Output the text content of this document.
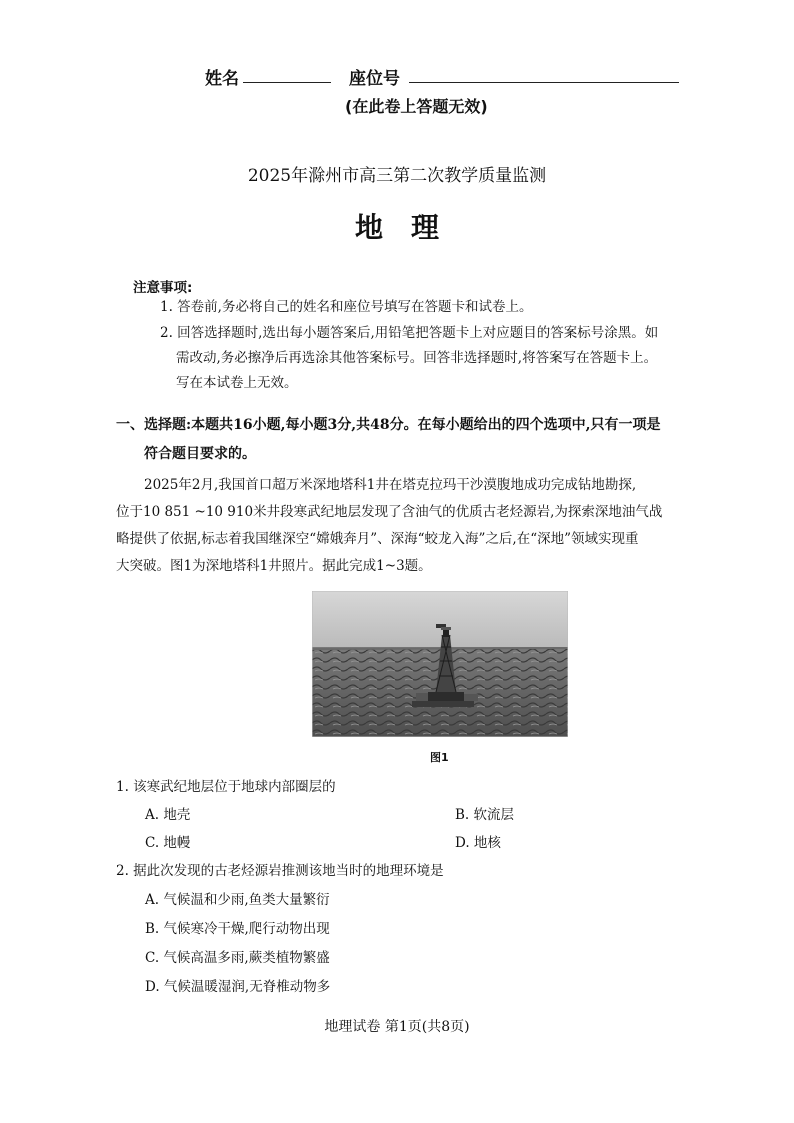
姓名	座位号
(在此卷上答题无效)
2025年滁州市高三第二次教学质量监测
地理
注意事项:
1. 答卷前,务必将自己的姓名和座位号填写在答题卡和试卷上。
2. 回答选择题时,选出每小题答案后,用铅笔把答题卡上对应题目的答案标号涂黑。如
需改动,务必擦净后再选涂其他答案标号。回答非选择题时,将答案写在答题卡上。
写在本试卷上无效。
一、选择题:本题共16小题,每小题3分,共48分。在每小题给出的四个选项中,只有一项是
符合题目要求的。
2025年2月,我国首口超万米深地塔科1井在塔克拉玛干沙漠腹地成功完成钻地勘探,
位于10 851 ~10 910米井段寒武纪地层发现了含油气的优质古老烃源岩,为探索深地油气战
略提供了依据,标志着我国继深空“嫦娥奔月”、深海“蛟龙入海”之后,在“深地”领域实现重
大突破。图1为深地塔科1井照片。据此完成1~3题。
图1
1. 该寒武纪地层位于地球内部圈层的
A. 地壳	B. 软流层
C. 地幔	D. 地核
2. 据此次发现的古老烃源岩推测该地当时的地理环境是
A. 气候温和少雨,鱼类大量繁衍
B. 气候寒冷干燥,爬行动物出现
C. 气候高温多雨,蕨类植物繁盛
D. 气候温暖湿润,无脊椎动物多
地理试卷 第1页(共8页)
